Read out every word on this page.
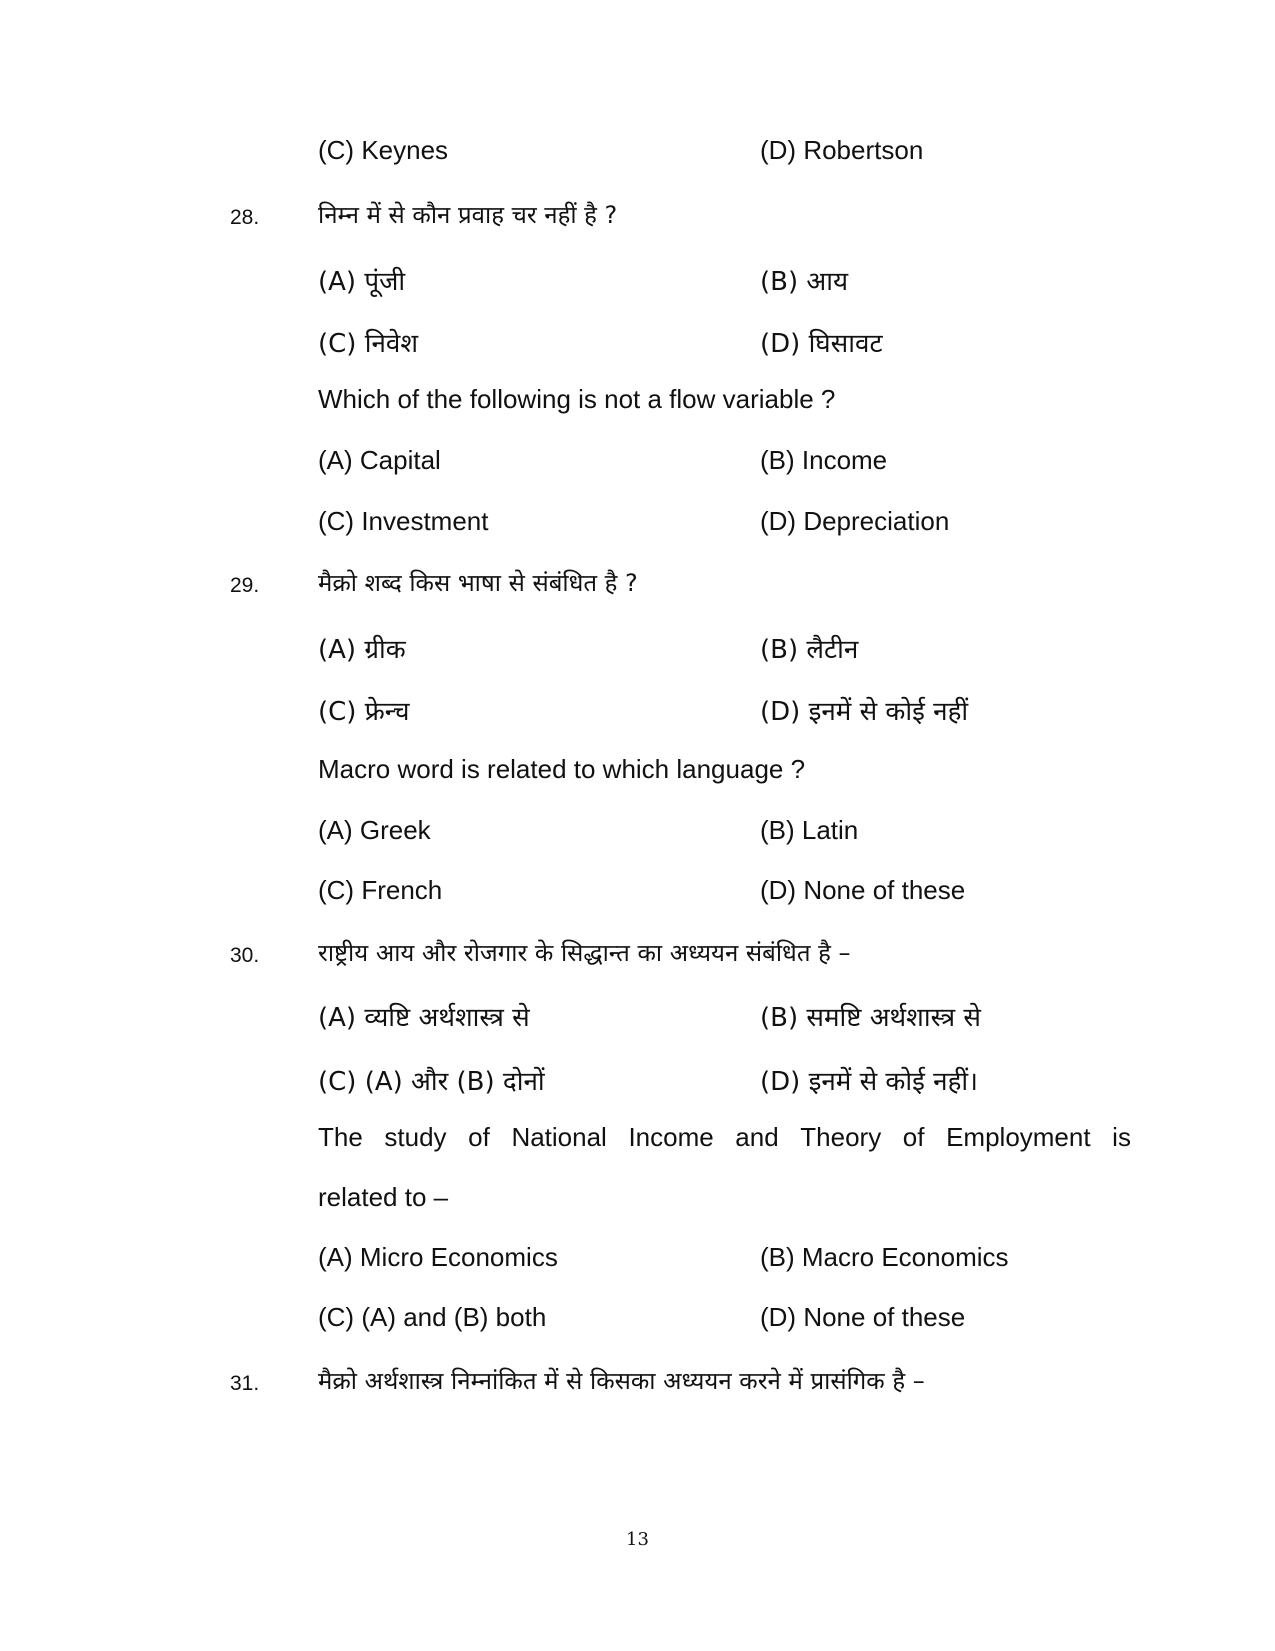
(C) Keynes	(D) Robertson
28. निम्न में से कौन प्रवाह चर नहीं है ?
(A) पूंजी	(B) आय
(C) निवेश	(D) घिसावट
Which of the following is not a flow variable ?
(A) Capital	(B) Income
(C) Investment	(D) Depreciation
29. मैक्रो शब्द किस भाषा से संबंधित है ?
(A) ग्रीक	(B) लैटीन
(C) फ्रेन्च	(D) इनमें से कोई नहीं
Macro word is related to which language ?
(A) Greek	(B) Latin
(C) French	(D) None of these
30. राष्ट्रीय आय और रोजगार के सिद्धान्त का अध्ययन संबंधित है –
(A) व्यष्टि अर्थशास्त्र से	(B) समष्टि अर्थशास्त्र से
(C) (A) और (B) दोनों	(D) इनमें से कोई नहीं।
The study of National Income and Theory of Employment is
related to –
(A) Micro Economics	(B) Macro Economics
(C) (A) and (B) both	(D) None of these
31. मैक्रो अर्थशास्त्र निम्नांकित में से किसका अध्ययन करने में प्रासंगिक है –
13
